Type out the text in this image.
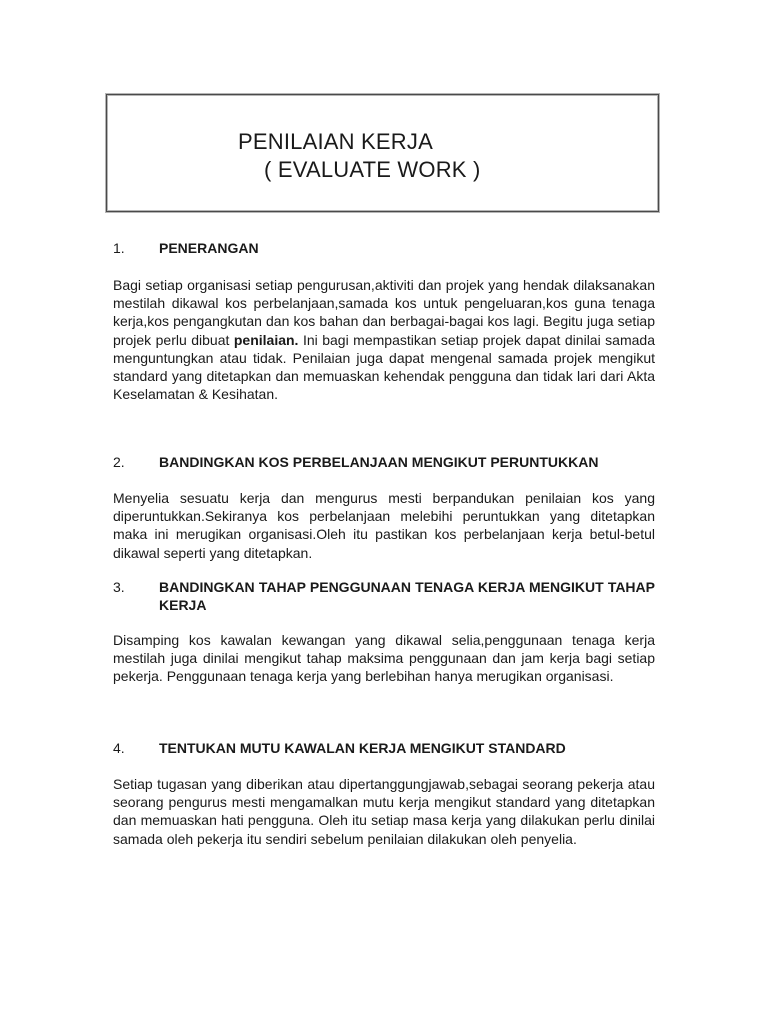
PENILAIAN KERJA
( EVALUATE WORK )
1. PENERANGAN

Bagi setiap organisasi setiap pengurusan,aktiviti dan projek yang hendak dilaksanakan mestilah dikawal kos perbelanjaan,samada kos untuk pengeluaran,kos guna tenaga kerja,kos pengangkutan dan kos bahan dan berbagai-bagai kos lagi. Begitu juga setiap projek perlu dibuat penilaian. Ini bagi mempastikan setiap projek dapat dinilai samada menguntungkan atau tidak. Penilaian juga dapat mengenal samada projek mengikut standard yang ditetapkan dan memuaskan kehendak pengguna dan tidak lari dari Akta Keselamatan & Kesihatan.

2. BANDINGKAN KOS PERBELANJAAN MENGIKUT PERUNTUKKAN

Menyelia sesuatu kerja dan mengurus mesti berpandukan penilaian kos yang diperuntukkan.Sekiranya kos perbelanjaan melebihi peruntukkan yang ditetapkan maka ini merugikan organisasi.Oleh itu pastikan kos perbelanjaan kerja betul-betul dikawal seperti yang ditetapkan.

3. BANDINGKAN TAHAP PENGGUNAAN TENAGA KERJA MENGIKUT TAHAP KERJA

Disamping kos kawalan kewangan yang dikawal selia,penggunaan tenaga kerja mestilah juga dinilai mengikut tahap maksima penggunaan dan jam kerja bagi setiap pekerja. Penggunaan tenaga kerja yang berlebihan hanya merugikan organisasi.

4. TENTUKAN MUTU KAWALAN KERJA MENGIKUT STANDARD

Setiap tugasan yang diberikan atau dipertanggungjawab,sebagai seorang pekerja atau seorang pengurus mesti mengamalkan mutu kerja mengikut standard yang ditetapkan dan memuaskan hati pengguna. Oleh itu setiap masa kerja yang dilakukan perlu dinilai samada oleh pekerja itu sendiri sebelum penilaian dilakukan oleh penyelia.
